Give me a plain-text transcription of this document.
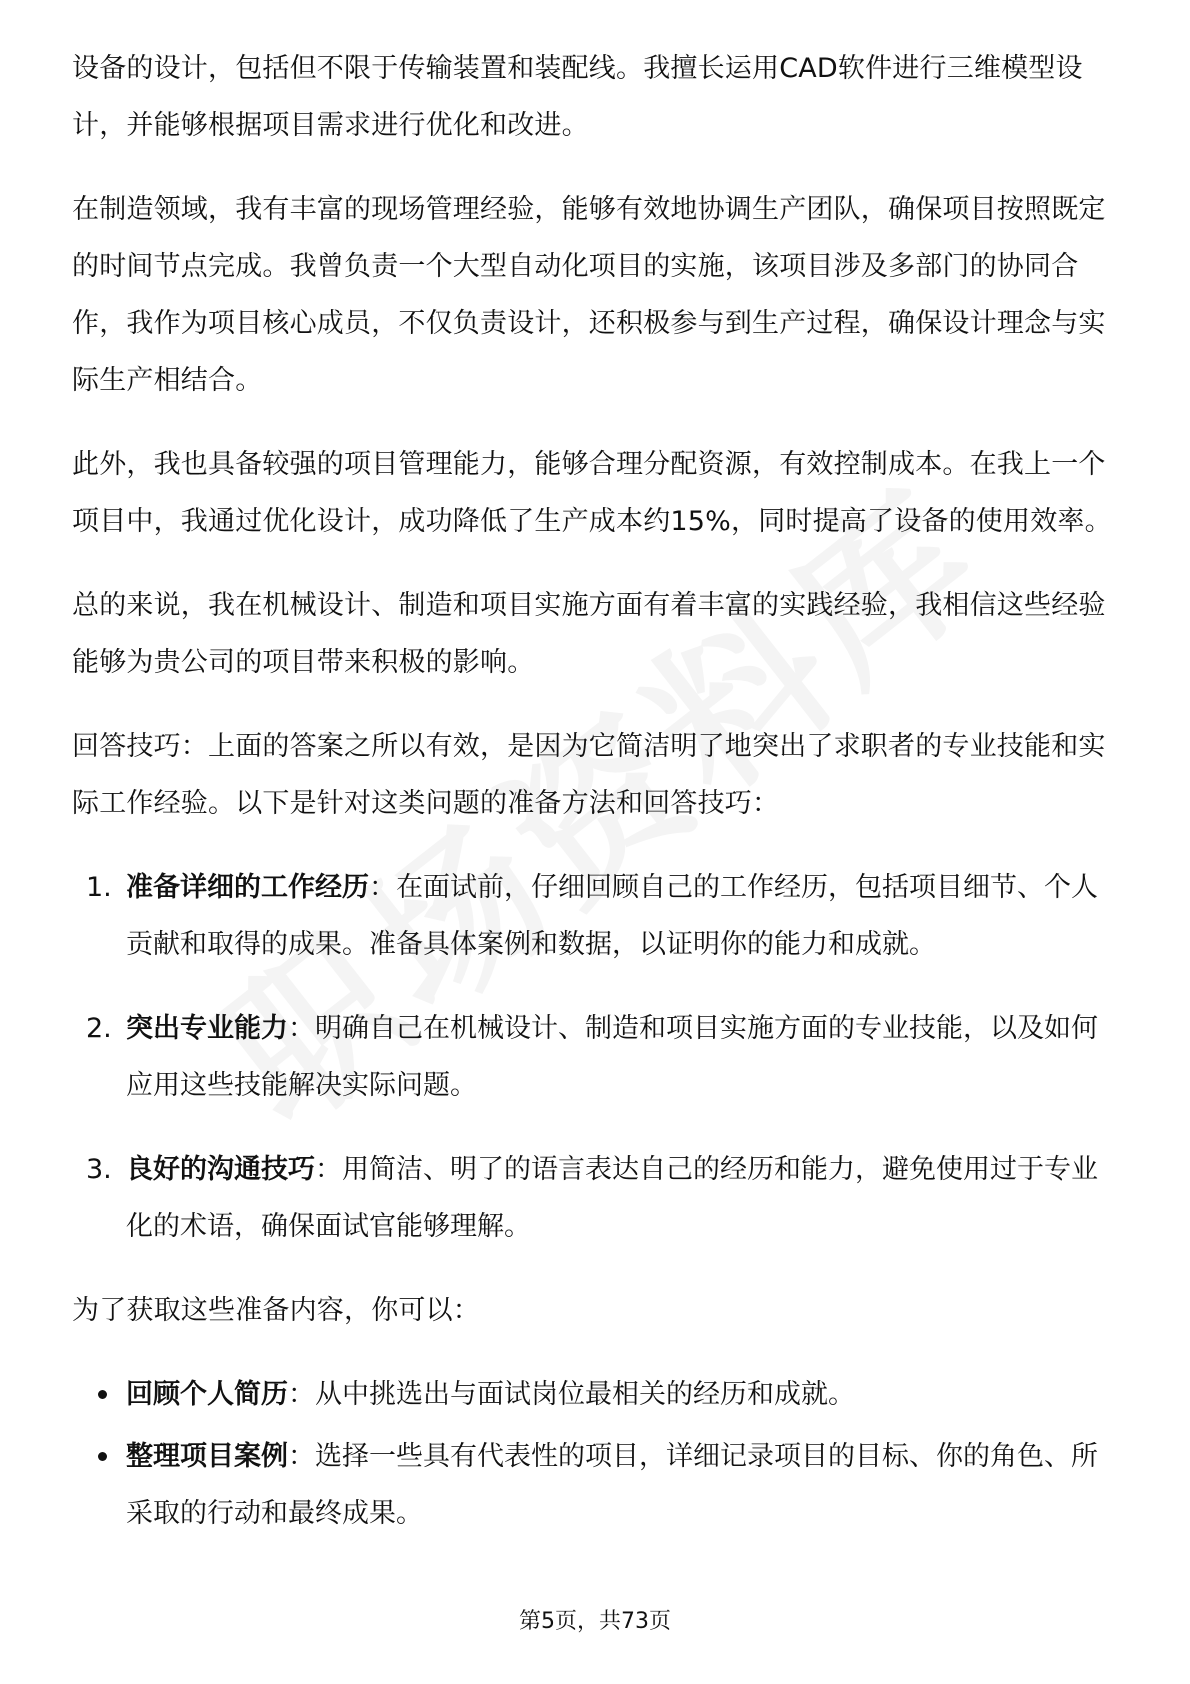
设备的设计，包括但不限于传输装置和装配线。我擅长运用CAD软件进行三维模型设计，并能够根据项目需求进行优化和改进。

在制造领域，我有丰富的现场管理经验，能够有效地协调生产团队，确保项目按照既定的时间节点完成。我曾负责一个大型自动化项目的实施，该项目涉及多部门的协同合作，我作为项目核心成员，不仅负责设计，还积极参与到生产过程，确保设计理念与实际生产相结合。

此外，我也具备较强的项目管理能力，能够合理分配资源，有效控制成本。在我上一个项目中，我通过优化设计，成功降低了生产成本约15%，同时提高了设备的使用效率。

总的来说，我在机械设计、制造和项目实施方面有着丰富的实践经验，我相信这些经验能够为贵公司的项目带来积极的影响。

回答技巧：上面的答案之所以有效，是因为它简洁明了地突出了求职者的专业技能和实际工作经验。以下是针对这类问题的准备方法和回答技巧：

1. 准备详细的工作经历：在面试前，仔细回顾自己的工作经历，包括项目细节、个人贡献和取得的成果。准备具体案例和数据，以证明你的能力和成就。
2. 突出专业能力：明确自己在机械设计、制造和项目实施方面的专业技能，以及如何应用这些技能解决实际问题。
3. 良好的沟通技巧：用简洁、明了的语言表达自己的经历和能力，避免使用过于专业化的术语，确保面试官能够理解。

为了获取这些准备内容，你可以：

回顾个人简历：从中挑选出与面试岗位最相关的经历和成就。
整理项目案例：选择一些具有代表性的项目，详细记录项目的目标、你的角色、所采取的行动和最终成果。
第5页，共73页
